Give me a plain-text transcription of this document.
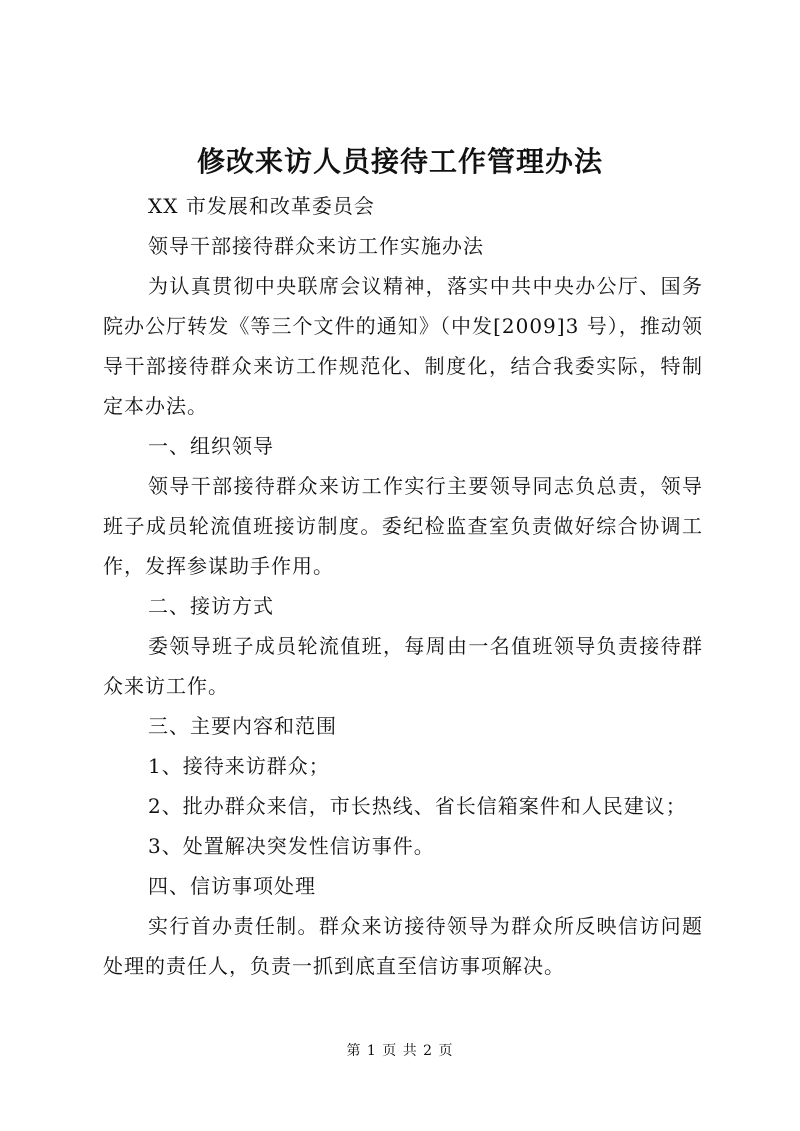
修改来访人员接待工作管理办法

XX 市发展和改革委员会

领导干部接待群众来访工作实施办法

为认真贯彻中央联席会议精神，落实中共中央办公厅、国务院办公厅转发《等三个文件的通知》（中发[2009]3 号），推动领导干部接待群众来访工作规范化、制度化，结合我委实际，特制定本办法。

一、组织领导

领导干部接待群众来访工作实行主要领导同志负总责，领导班子成员轮流值班接访制度。委纪检监查室负责做好综合协调工作，发挥参谋助手作用。

二、接访方式

委领导班子成员轮流值班，每周由一名值班领导负责接待群众来访工作。

三、主要内容和范围

1、接待来访群众；

2、批办群众来信，市长热线、省长信箱案件和人民建议；

3、处置解决突发性信访事件。

四、信访事项处理

实行首办责任制。群众来访接待领导为群众所反映信访问题处理的责任人，负责一抓到底直至信访事项解决。

第 1 页 共 2 页
